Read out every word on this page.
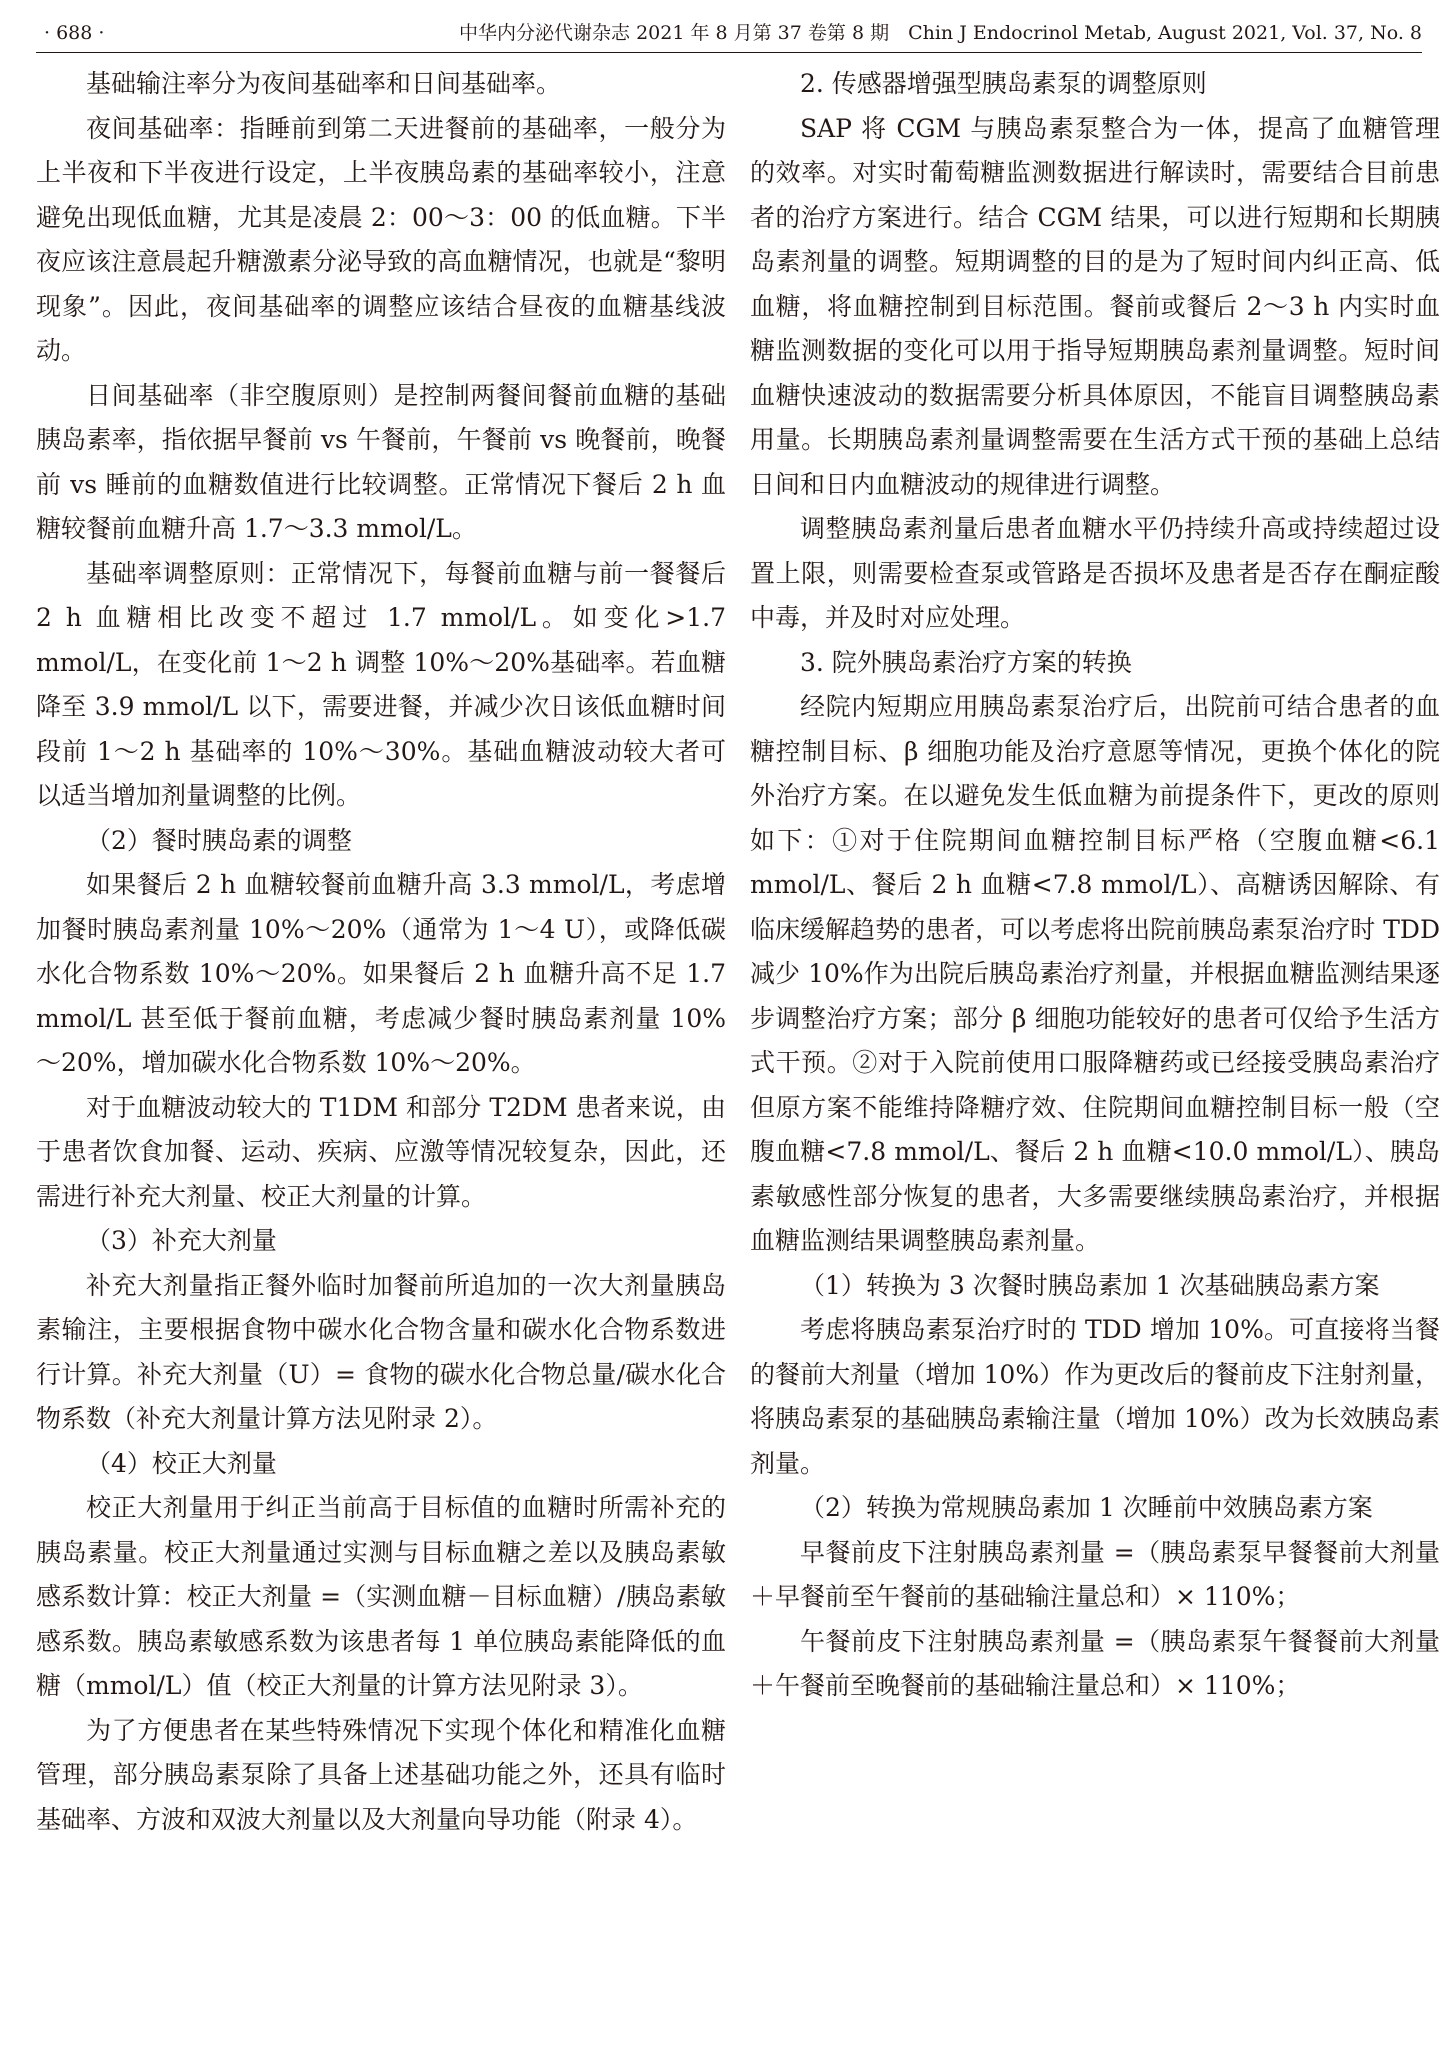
· 688 ·	中华内分泌代谢杂志 2021 年 8 月第 37 卷第 8 期　Chin J Endocrinol Metab, August 2021, Vol. 37, No. 8

基础输注率分为夜间基础率和日间基础率。

夜间基础率：指睡前到第二天进餐前的基础率，一般分为上半夜和下半夜进行设定，上半夜胰岛素的基础率较小，注意避免出现低血糖，尤其是凌晨 2：00～3：00 的低血糖。下半夜应该注意晨起升糖激素分泌导致的高血糖情况，也就是“黎明现象”。因此，夜间基础率的调整应该结合昼夜的血糖基线波动。

日间基础率（非空腹原则）是控制两餐间餐前血糖的基础胰岛素率，指依据早餐前 vs 午餐前，午餐前 vs 晚餐前，晚餐前 vs 睡前的血糖数值进行比较调整。正常情况下餐后 2 h 血糖较餐前血糖升高 1.7～3.3 mmol/L。

基础率调整原则：正常情况下，每餐前血糖与前一餐餐后 2 h 血糖相比改变不超过 1.7 mmol/L。如变化>1.7 mmol/L，在变化前 1～2 h 调整 10%～20%基础率。若血糖降至 3.9 mmol/L 以下，需要进餐，并减少次日该低血糖时间段前 1～2 h 基础率的 10%～30%。基础血糖波动较大者可以适当增加剂量调整的比例。

（2）餐时胰岛素的调整

如果餐后 2 h 血糖较餐前血糖升高 3.3 mmol/L，考虑增加餐时胰岛素剂量 10%～20%（通常为 1～4 U），或降低碳水化合物系数 10%～20%。如果餐后 2 h 血糖升高不足 1.7 mmol/L 甚至低于餐前血糖，考虑减少餐时胰岛素剂量 10%～20%，增加碳水化合物系数 10%～20%。

对于血糖波动较大的 T1DM 和部分 T2DM 患者来说，由于患者饮食加餐、运动、疾病、应激等情况较复杂，因此，还需进行补充大剂量、校正大剂量的计算。

（3）补充大剂量

补充大剂量指正餐外临时加餐前所追加的一次大剂量胰岛素输注，主要根据食物中碳水化合物含量和碳水化合物系数进行计算。补充大剂量（U）= 食物的碳水化合物总量/碳水化合物系数（补充大剂量计算方法见附录 2）。

（4）校正大剂量

校正大剂量用于纠正当前高于目标值的血糖时所需补充的胰岛素量。校正大剂量通过实测与目标血糖之差以及胰岛素敏感系数计算：校正大剂量 =（实测血糖－目标血糖）/胰岛素敏感系数。胰岛素敏感系数为该患者每 1 单位胰岛素能降低的血糖（mmol/L）值（校正大剂量的计算方法见附录 3）。

为了方便患者在某些特殊情况下实现个体化和精准化血糖管理，部分胰岛素泵除了具备上述基础功能之外，还具有临时基础率、方波和双波大剂量以及大剂量向导功能（附录 4）。

2. 传感器增强型胰岛素泵的调整原则

SAP 将 CGM 与胰岛素泵整合为一体，提高了血糖管理的效率。对实时葡萄糖监测数据进行解读时，需要结合目前患者的治疗方案进行。结合 CGM 结果，可以进行短期和长期胰岛素剂量的调整。短期调整的目的是为了短时间内纠正高、低血糖，将血糖控制到目标范围。餐前或餐后 2～3 h 内实时血糖监测数据的变化可以用于指导短期胰岛素剂量调整。短时间血糖快速波动的数据需要分析具体原因，不能盲目调整胰岛素用量。长期胰岛素剂量调整需要在生活方式干预的基础上总结日间和日内血糖波动的规律进行调整。

调整胰岛素剂量后患者血糖水平仍持续升高或持续超过设置上限，则需要检查泵或管路是否损坏及患者是否存在酮症酸中毒，并及时对应处理。

3. 院外胰岛素治疗方案的转换

经院内短期应用胰岛素泵治疗后，出院前可结合患者的血糖控制目标、β 细胞功能及治疗意愿等情况，更换个体化的院外治疗方案。在以避免发生低血糖为前提条件下，更改的原则如下：①对于住院期间血糖控制目标严格（空腹血糖<6.1 mmol/L、餐后 2 h 血糖<7.8 mmol/L）、高糖诱因解除、有临床缓解趋势的患者，可以考虑将出院前胰岛素泵治疗时 TDD 减少 10%作为出院后胰岛素治疗剂量，并根据血糖监测结果逐步调整治疗方案；部分 β 细胞功能较好的患者可仅给予生活方式干预。②对于入院前使用口服降糖药或已经接受胰岛素治疗但原方案不能维持降糖疗效、住院期间血糖控制目标一般（空腹血糖<7.8 mmol/L、餐后 2 h 血糖<10.0 mmol/L）、胰岛素敏感性部分恢复的患者，大多需要继续胰岛素治疗，并根据血糖监测结果调整胰岛素剂量。

（1）转换为 3 次餐时胰岛素加 1 次基础胰岛素方案

考虑将胰岛素泵治疗时的 TDD 增加 10%。可直接将当餐的餐前大剂量（增加 10%）作为更改后的餐前皮下注射剂量，将胰岛素泵的基础胰岛素输注量（增加 10%）改为长效胰岛素剂量。

（2）转换为常规胰岛素加 1 次睡前中效胰岛素方案

早餐前皮下注射胰岛素剂量 =（胰岛素泵早餐餐前大剂量＋早餐前至午餐前的基础输注量总和）× 110%；

午餐前皮下注射胰岛素剂量 =（胰岛素泵午餐餐前大剂量＋午餐前至晚餐前的基础输注量总和）× 110%；
